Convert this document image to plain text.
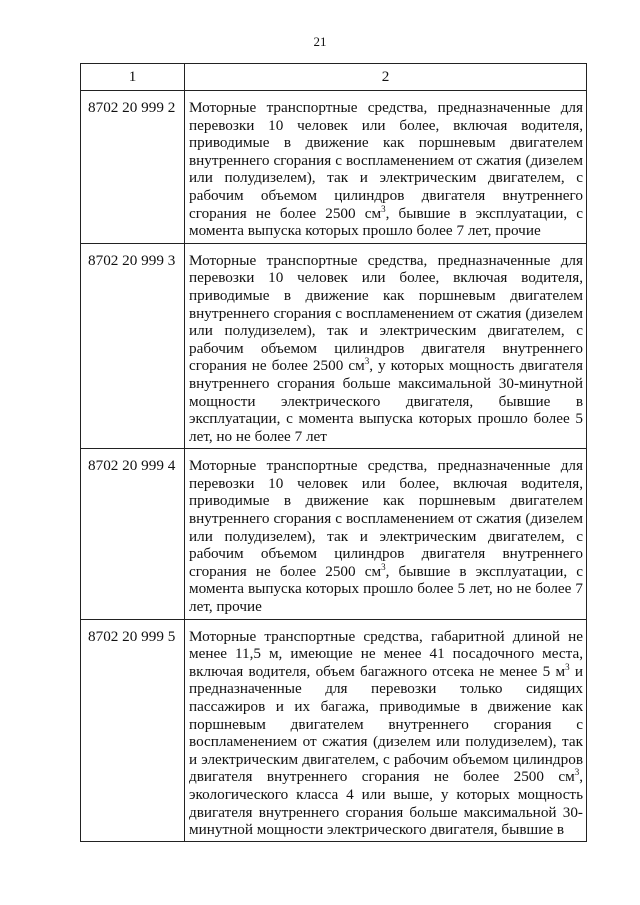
21
1	2
8702 20 999 2	Моторные транспортные средства, предназначенные для перевозки 10 человек или более, включая водителя, приводимые в движение как поршневым двигателем внутреннего сгорания с воспламенением от сжатия (дизелем или полудизелем), так и электрическим двигателем, с рабочим объемом цилиндров двигателя внутреннего сгорания не более 2500 $см^3$, бывшие в эксплуатации, с момента выпуска которых прошло более 7 лет, прочие
8702 20 999 3	Моторные транспортные средства, предназначенные для перевозки 10 человек или более, включая водителя, приводимые в движение как поршневым двигателем внутреннего сгорания с воспламенением от сжатия (дизелем или полудизелем), так и электрическим двигателем, с рабочим объемом цилиндров двигателя внутреннего сгорания не более 2500 $см^3$, у которых мощность двигателя внутреннего сгорания больше максимальной 30-минутной мощности электрического двигателя, бывшие в эксплуатации, с момента выпуска которых прошло более 5 лет, но не более 7 лет
8702 20 999 4	Моторные транспортные средства, предназначенные для перевозки 10 человек или более, включая водителя, приводимые в движение как поршневым двигателем внутреннего сгорания с воспламенением от сжатия (дизелем или полудизелем), так и электрическим двигателем, с рабочим объемом цилиндров двигателя внутреннего сгорания не более 2500 $см^3$, бывшие в эксплуатации, с момента выпуска которых прошло более 5 лет, но не более 7 лет, прочие
8702 20 999 5	Моторные транспортные средства, габаритной длиной не менее 11,5 м, имеющие не менее 41 посадочного места, включая водителя, объем багажного отсека не менее 5 $м^3$ и предназначенные для перевозки только сидящих пассажиров и их багажа, приводимые в движение как поршневым двигателем внутреннего сгорания с воспламенением от сжатия (дизелем или полудизелем), так и электрическим двигателем, с рабочим объемом цилиндров двигателя внутреннего сгорания не более 2500 $см^3$, экологического класса 4 или выше, у которых мощность двигателя внутреннего сгорания больше максимальной 30-минутной мощности электрического двигателя, бывшие в
